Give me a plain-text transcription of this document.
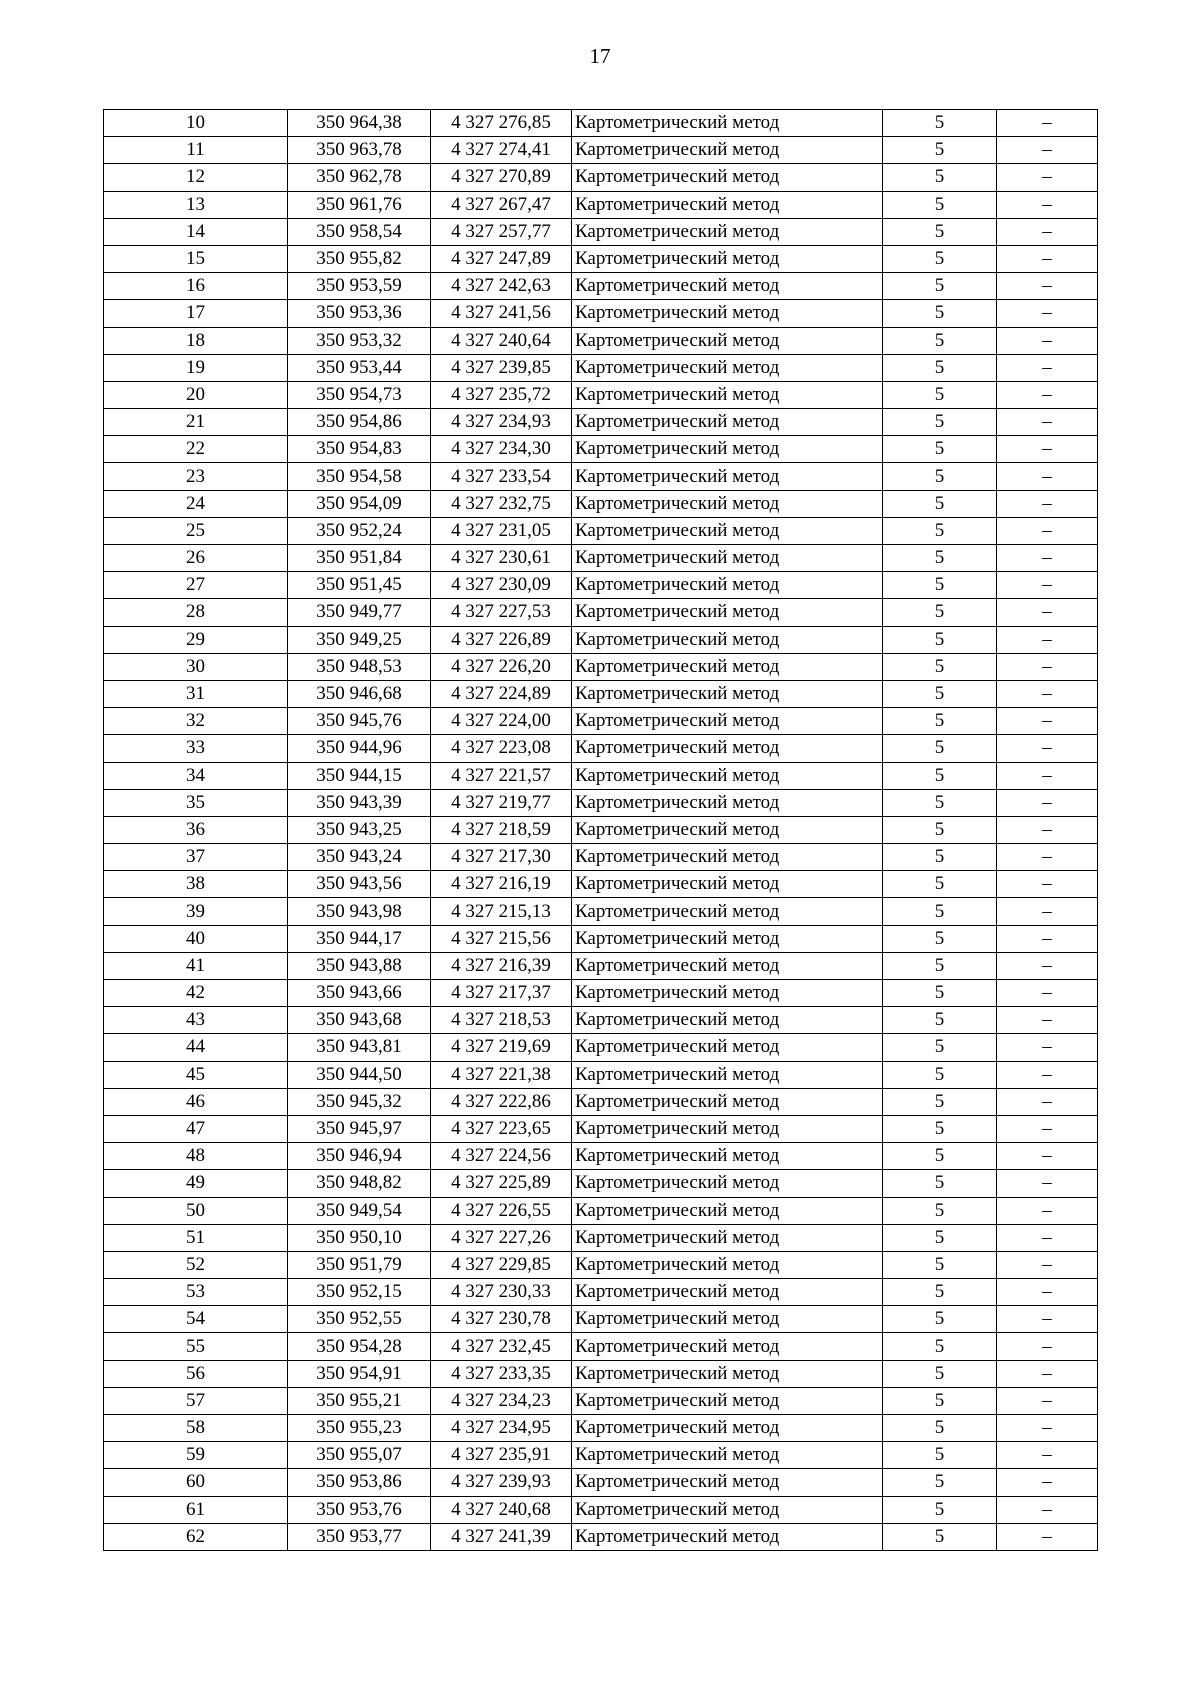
17
10	350 964,38	4 327 276,85	Картометрический метод	5	–
11	350 963,78	4 327 274,41	Картометрический метод	5	–
12	350 962,78	4 327 270,89	Картометрический метод	5	–
13	350 961,76	4 327 267,47	Картометрический метод	5	–
14	350 958,54	4 327 257,77	Картометрический метод	5	–
15	350 955,82	4 327 247,89	Картометрический метод	5	–
16	350 953,59	4 327 242,63	Картометрический метод	5	–
17	350 953,36	4 327 241,56	Картометрический метод	5	–
18	350 953,32	4 327 240,64	Картометрический метод	5	–
19	350 953,44	4 327 239,85	Картометрический метод	5	–
20	350 954,73	4 327 235,72	Картометрический метод	5	–
21	350 954,86	4 327 234,93	Картометрический метод	5	–
22	350 954,83	4 327 234,30	Картометрический метод	5	–
23	350 954,58	4 327 233,54	Картометрический метод	5	–
24	350 954,09	4 327 232,75	Картометрический метод	5	–
25	350 952,24	4 327 231,05	Картометрический метод	5	–
26	350 951,84	4 327 230,61	Картометрический метод	5	–
27	350 951,45	4 327 230,09	Картометрический метод	5	–
28	350 949,77	4 327 227,53	Картометрический метод	5	–
29	350 949,25	4 327 226,89	Картометрический метод	5	–
30	350 948,53	4 327 226,20	Картометрический метод	5	–
31	350 946,68	4 327 224,89	Картометрический метод	5	–
32	350 945,76	4 327 224,00	Картометрический метод	5	–
33	350 944,96	4 327 223,08	Картометрический метод	5	–
34	350 944,15	4 327 221,57	Картометрический метод	5	–
35	350 943,39	4 327 219,77	Картометрический метод	5	–
36	350 943,25	4 327 218,59	Картометрический метод	5	–
37	350 943,24	4 327 217,30	Картометрический метод	5	–
38	350 943,56	4 327 216,19	Картометрический метод	5	–
39	350 943,98	4 327 215,13	Картометрический метод	5	–
40	350 944,17	4 327 215,56	Картометрический метод	5	–
41	350 943,88	4 327 216,39	Картометрический метод	5	–
42	350 943,66	4 327 217,37	Картометрический метод	5	–
43	350 943,68	4 327 218,53	Картометрический метод	5	–
44	350 943,81	4 327 219,69	Картометрический метод	5	–
45	350 944,50	4 327 221,38	Картометрический метод	5	–
46	350 945,32	4 327 222,86	Картометрический метод	5	–
47	350 945,97	4 327 223,65	Картометрический метод	5	–
48	350 946,94	4 327 224,56	Картометрический метод	5	–
49	350 948,82	4 327 225,89	Картометрический метод	5	–
50	350 949,54	4 327 226,55	Картометрический метод	5	–
51	350 950,10	4 327 227,26	Картометрический метод	5	–
52	350 951,79	4 327 229,85	Картометрический метод	5	–
53	350 952,15	4 327 230,33	Картометрический метод	5	–
54	350 952,55	4 327 230,78	Картометрический метод	5	–
55	350 954,28	4 327 232,45	Картометрический метод	5	–
56	350 954,91	4 327 233,35	Картометрический метод	5	–
57	350 955,21	4 327 234,23	Картометрический метод	5	–
58	350 955,23	4 327 234,95	Картометрический метод	5	–
59	350 955,07	4 327 235,91	Картометрический метод	5	–
60	350 953,86	4 327 239,93	Картометрический метод	5	–
61	350 953,76	4 327 240,68	Картометрический метод	5	–
62	350 953,77	4 327 241,39	Картометрический метод	5	–
